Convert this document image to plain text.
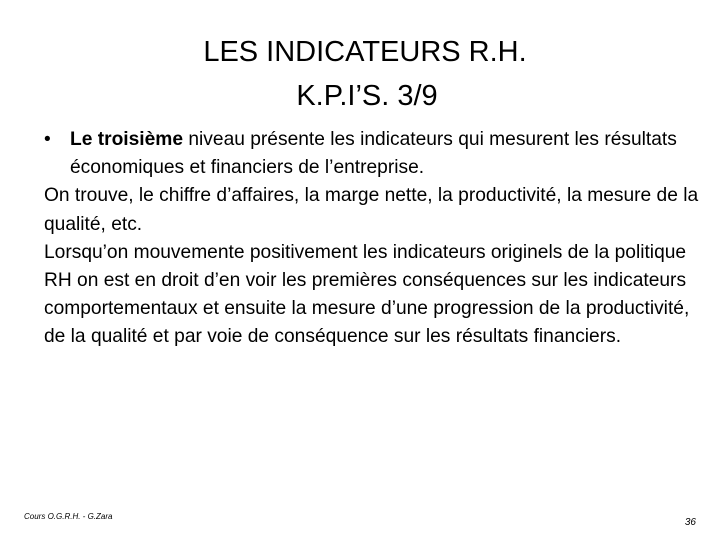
LES INDICATEURS R.H.
K.P.I’S. 3/9
• Le troisième niveau présente les indicateurs qui mesurent les résultats économiques et financiers de l’entreprise.
On trouve, le chiffre d’affaires, la marge nette, la productivité, la mesure de la qualité, etc.
Lorsqu’on mouvemente positivement les indicateurs originels de la politique RH on est en droit d’en voir les premières conséquences sur les indicateurs comportementaux et ensuite la mesure d’une progression de la productivité, de la qualité et par voie de conséquence sur les résultats financiers.
Cours O.G.R.H. - G.Zara
36
